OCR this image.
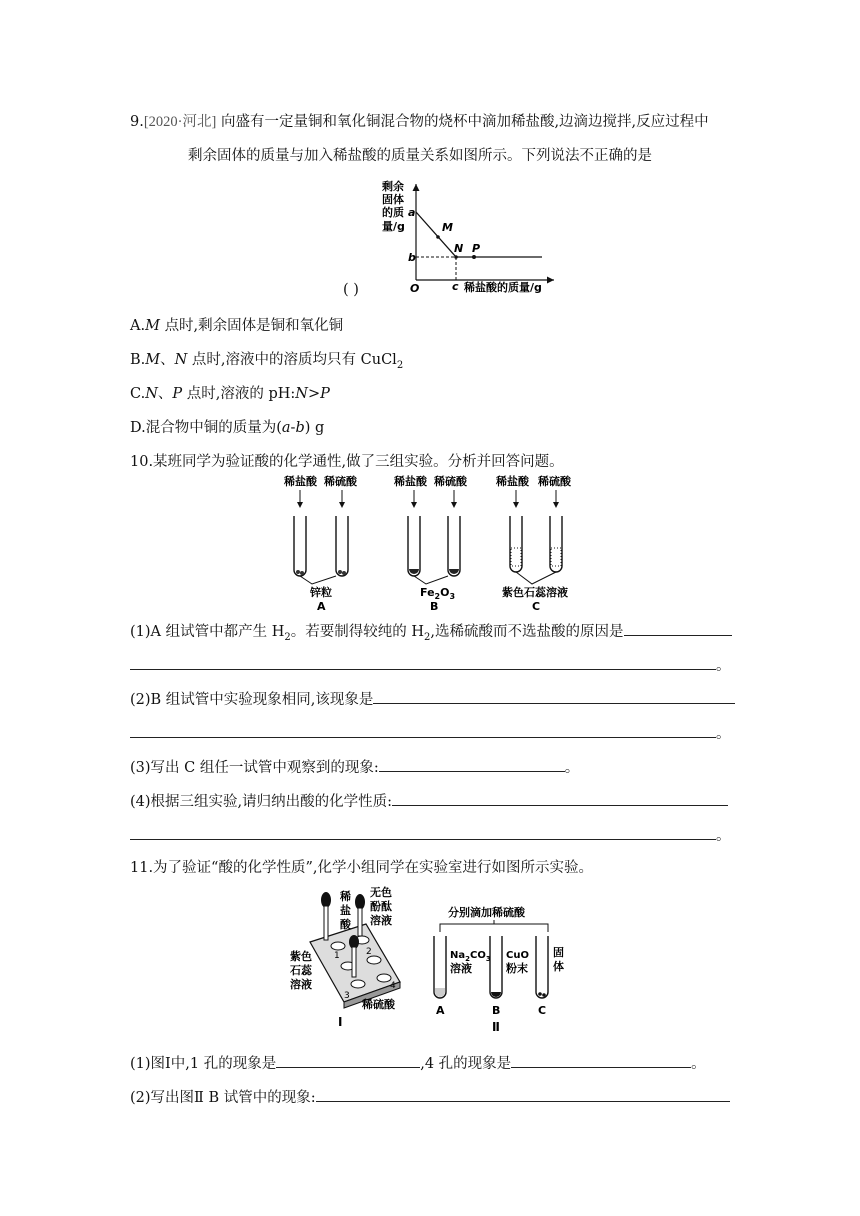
9.[2020·河北] 向盛有一定量铜和氧化铜混合物的烧杯中滴加稀盐酸,边滴边搅拌,反应过程中
剩余固体的质量与加入稀盐酸的质量关系如图所示。下列说法不正确的是
剩余
固体
的质
量/g
a
b
M
N P
O	c 稀盐酸的质量/g
( )
A.M 点时,剩余固体是铜和氧化铜
B.M、N 点时,溶液中的溶质均只有 CuCl$_2$
C.N、P 点时,溶液的 pH:N>P
D.混合物中铜的质量为(a-b) g
10.某班同学为验证酸的化学通性,做了三组实验。分析并回答问题。
稀盐酸 稀硫酸
锌粒
A
稀盐酸 稀硫酸
$Fe_2O_3$
B
稀盐酸 稀硫酸
紫色石蕊溶液
C
(1)A 组试管中都产生 $H_2$。若要制得较纯的 $H_2$,选稀硫酸而不选盐酸的原因是
。
(2)B 组试管中实验现象相同,该现象是
。
(3)写出 C 组任一试管中观察到的现象:	。
(4)根据三组实验,请归纳出酸的化学性质:
。
11.为了验证“酸的化学性质”,化学小组同学在实验室进行如图所示实验。
稀
盐
酸
无色
酚酞
溶液
紫色
石蕊
溶液
1	2
3
4
稀硫酸
Ⅰ
分别滴加稀硫酸
$Na_2CO_3$
溶液
CuO
粉末
固
体
A	B	C
Ⅱ
(1)图Ⅰ中,1 孔的现象是	,4 孔的现象是	。
(2)写出图Ⅱ B 试管中的现象:
